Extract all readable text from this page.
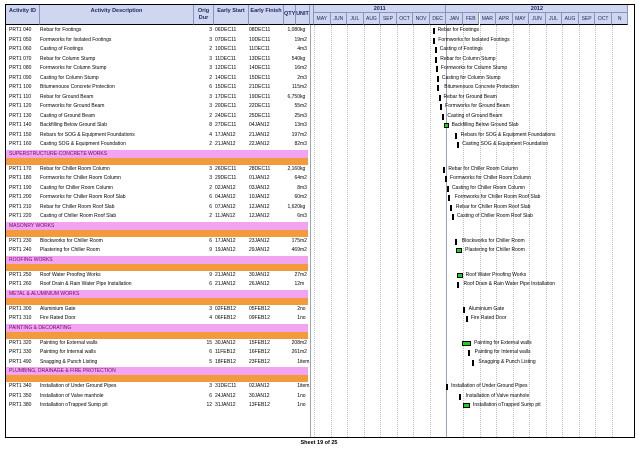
Activity ID	Activity Description	Orig Dur
Early Start	Early Finish QTY UNIT
2011	2012
MAY	JUN	JUL	AUG	SEP	OCT	NOV	DEC	JAN	FEB	MAR	APR	MAY	JUN	JUL	AUG	SEP	OCT	N
PRT1 040	Rebar for Footings	3 06DEC11	08DEC11	1,080 kg
PRT1 050	Formworks for Isolated Footings	3 07DEC11	10DEC11	19 m2
PRT1 060	Casting of Footings	2 10DEC11	11DEC11	4 m3
PRT1 070	Rebar for Column Stump	3 11DEC11	13DEC11	540 kg
PRT1 080	Formworks for Column Stump	3 12DEC11	14DEC11	16 m2
PRT1 090	Casting for Column Stump	2 14DEC11	15DEC11	2 m3
PRT1 100	Bitumenouos Concrete Protection	6 15DEC11	21DEC11	115 m2
PRT1 110	Rebar for Ground Beam	3 17DEC11	19DEC11	6,750 kg
PRT1 120	Formworks for Ground Beam	3 20DEC11	22DEC11	55 m2
PRT1 130	Casting of Ground Beam	2 24DEC11	25DEC11	25 m3
PRT1 140	Backfilling Below Ground Slab	8 27DEC11	04JAN12	13 m3
PRT1 150	Rebars for SOG & Equipment Foundations	4 17JAN12	21JAN12	197 m2
PRT1 160	Casting SOG & Equipment Foundation	2 21JAN12	22JAN12	82 m3
SUPERSTRUCTURE-CONCRETE WORKS
PRT1 170	Rebar for Chiller Room Column	3 26DEC11	28DEC11	2,160 kg
PRT1 180	Formworks for Chiller Room Column	3 29DEC11	01JAN12	64 m2
PRT1 190	Casting for Chiller Room Column	2 02JAN12	03JAN12	8 m3
PRT1 200	Formworks for Chiller Room Roof Slab	6 04JAN12	10JAN12	60 m2
PRT1 210	Rebar for Chiller Room Roof Slab	6 07JAN12	12JAN12	1,620 kg
PRT1 220	Casting of Chiller Room Roof Slab	2 11JAN12	12JAN12	6 m3
MASONRY WORKS
PRT1 230	Blockworks for Chiller Room	6 17JAN12	23JAN12	175 m2
PRT1 240	Plastering for Chiller Room	9 19JAN12	29JAN12	469 m2
ROOFING WORKS
PRT1 250	Roof Water Proofing Works	9 21JAN12	30JAN12	27 m2
PRT1 260	Roof Drain & Rain Water Pipe Installation	6 21JAN12	26JAN12	12 m
METAL & ALUMINIUM WORKS
PRT1 300	Aluminium Gate	3 02FEB12	05FEB12	2 no
PRT1 310	Fire Rated Door	4 06FEB12	09FEB12	1 no
PAINTING & DECORATING
PRT1 320	Painting for External walls	15 30JAN12	15FEB12	208 m2
PRT1 330	Painting for Internal walls	6 11FEB12	16FEB12	261 m2
PRT1 490	Snagging & Punch Listing	5 18FEB12	23FEB12	1 item
PLUMBING, DRAINAGE & FIRE PROTECTION
PRT1 340	Installation of Under Ground Pipes	3 31DEC11	02JAN12	1 item
PRT1 350	Installation of Valve manhole	6 24JAN12	30JAN12	1 no
PRT1 380	Installation oTrapped Sump pit	12 31JAN12	13FEB12	1 no
Rebar for Footings
Formworks for Isolated Footings
Casting of Footings
Rebar for Column Stump
Formworks for Column Stump
Casting for Column Stump
Bitumenouos Concrete Protection
Rebar for Ground Beam
Formworks for Ground Beam
Casting of Ground Beam
Backfilling Below Ground Slab
Rebars for SOG & Equipment Foundations
Casting SOG & Equipment Foundation
Rebar for Chiller Room Column
Formworks for Chiller Room Column
Casting for Chiller Room Column
Formworks for Chiller Room Roof Slab
Rebar for Chiller Room Roof Slab
Casting of Chiller Room Roof Slab
Blockworks for Chiller Room
Plastering for Chiller Room
Roof Water Proofing Works
Roof Drain & Rain Water Pipe Installation
Aluminium Gate
Fire Rated Door
Painting for External walls
Painting for Internal walls
Snagging & Punch Listing
Installation of Under Ground Pipes
Installation of Valve manhole
Installation oTrapped Sump pit
Sheet 19 of 25
